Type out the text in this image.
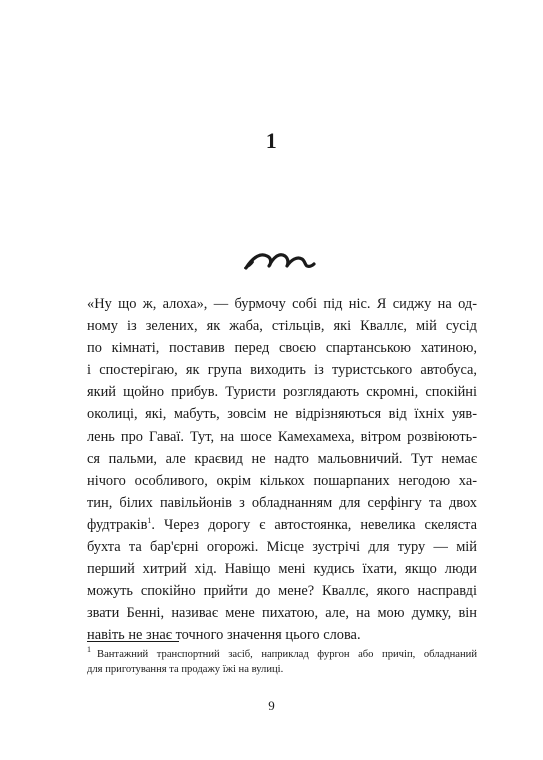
1
«Ну що ж, алоха», — бурмочу собі під ніс. Я сиджу на од-
ному із зелених, як жаба, стільців, які Кваллє, мій сусід
по кімнаті, поставив перед своєю спартанською хатиною,
і спостерігаю, як група виходить із туристського автобуса,
який щойно прибув. Туристи розглядають скромні, спокійні
околиці, які, мабуть, зовсім не відрізняються від їхніх уяв-
лень про Гаваї. Тут, на шосе Камехамеха, вітром розвіюють-
ся пальми, але краєвид не надто мальовничий. Тут немає
нічого особливого, окрім кількох пошарпаних негодою ха-
тин, білих павільйонів з обладнанням для серфінгу та двох
фудтраків$^1$. Через дорогу є автостоянка, невелика скеляста
бухта та бар'єрні огорожі. Місце зустрічі для туру — мій
перший хитрий хід. Навіщо мені кудись їхати, якщо люди
можуть спокійно прийти до мене? Кваллє, якого насправді
звати Бенні, називає мене пихатою, але, на мою думку, він
навіть не знає точного значення цього слова.
$^1$ Вантажний транспортний засіб, наприклад фургон або причіп, обладнаний
для приготування та продажу їжі на вулиці.
9
